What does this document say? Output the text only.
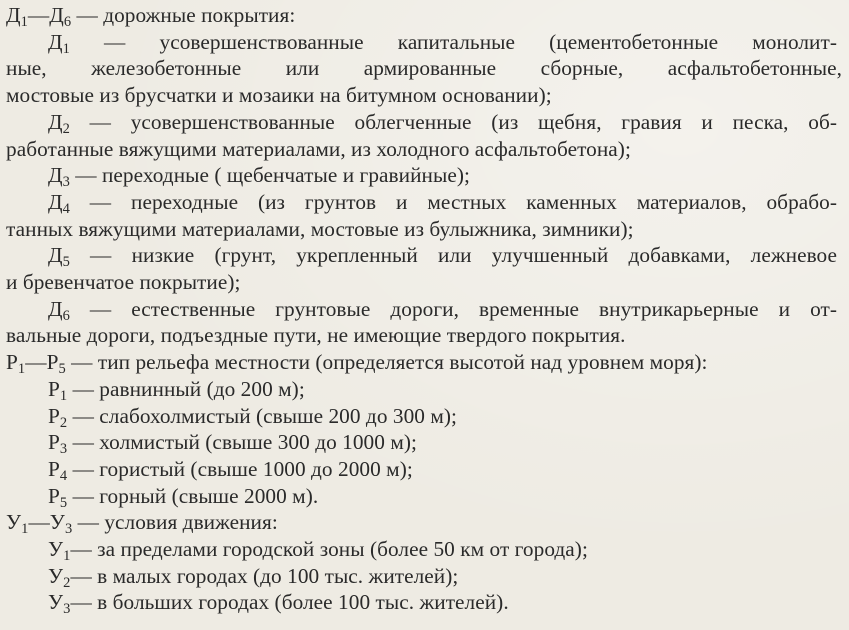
$Д_1—Д_6$ — дорожные покрытия:
$Д_1$ — усовершенствованные капитальные (цементобетонные монолит-
ные, железобетонные или армированные сборные, асфальтобетонные,
мостовые из брусчатки и мозаики на битумном основании);
$Д_2$ — усовершенствованные облегченные (из щебня, гравия и песка, об-
работанные вяжущими материалами, из холодного асфальтобетона);
$Д_3$ — переходные ( щебенчатые и гравийные);
$Д_4$ — переходные (из грунтов и местных каменных материалов, обрабо-
танных вяжущими материалами, мостовые из булыжника, зимники);
$Д_5$ — низкие (грунт, укрепленный или улучшенный добавками, лежневое
и бревенчатое покрытие);
$Д_6$ — естественные грунтовые дороги, временные внутрикарьерные и от-
вальные дороги, подъездные пути, не имеющие твердого покрытия.
$Р_1—Р_5$ — тип рельефа местности (определяется высотой над уровнем моря):
$Р_1$ — равнинный (до 200 м);
$Р_2$ — слабохолмистый (свыше 200 до 300 м);
$Р_3$ — холмистый (свыше 300 до 1000 м);
$Р_4$ — гористый (свыше 1000 до 2000 м);
$Р_5$ — горный (свыше 2000 м).
$У_1—У_3$ — условия движения:
$У_1—$ за пределами городской зоны (более 50 км от города);
$У_2—$ в малых городах (до 100 тыс. жителей);
$У_3—$ в больших городах (более 100 тыс. жителей).
